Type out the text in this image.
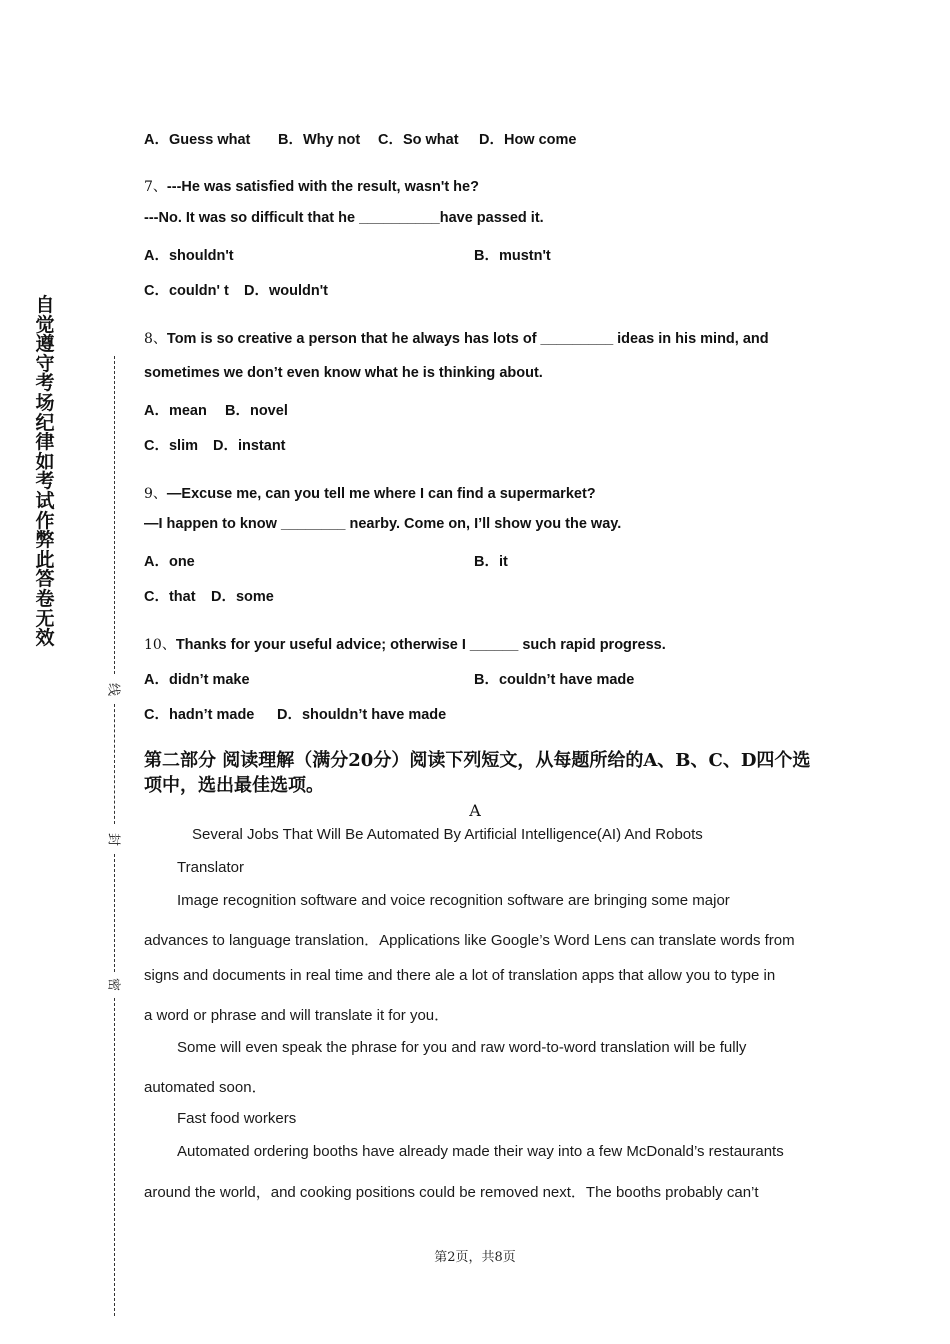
自
觉
遵
守
考
场
纪
律
如
考
试
作
弊
此
答
卷
无
效
线
封
密
A．Guess what B．Why not C．So what D．How come
7、---He was satisfied with the result, wasn't he?
---No. It was so difficult that he __________have passed it.
A．shouldn't	B．mustn't
C．couldn' t D．wouldn't
8、Tom is so creative a person that he always has lots of _________ ideas in his mind, and
sometimes we don’t even know what he is thinking about.
A．mean B．novel
C．slim D．instant
9、—Excuse me, can you tell me where I can find a supermarket?
—I happen to know ________ nearby. Come on, I’ll show you the way.
A．one	B．it
C．that D．some
10、Thanks for your useful advice; otherwise I ______ such rapid progress.
A．didn’t make	B．couldn’t have made
C．hadn’t made D．shouldn’t have made
第二部分 阅读理解（满分20分）阅读下列短文，从每题所给的A、B、C、D四个选项中，选出最佳选项。
A
Several Jobs That Will Be Automated By Artificial Intelligence(AI) And Robots
Translator
Image recognition software and voice recognition software are bringing some major
advances to language translation．Applications like Google’s Word Lens can translate words from
signs and documents in real time and there ale a lot of translation apps that allow you to type in
a word or phrase and will translate it for you．
Some will even speak the phrase for you and raw word-to-word translation will be fully
automated soon．
Fast food workers
Automated ordering booths have already made their way into a few McDonald’s restaurants
around the world，and cooking positions could be removed next．The booths probably can’t
第2页，共8页
